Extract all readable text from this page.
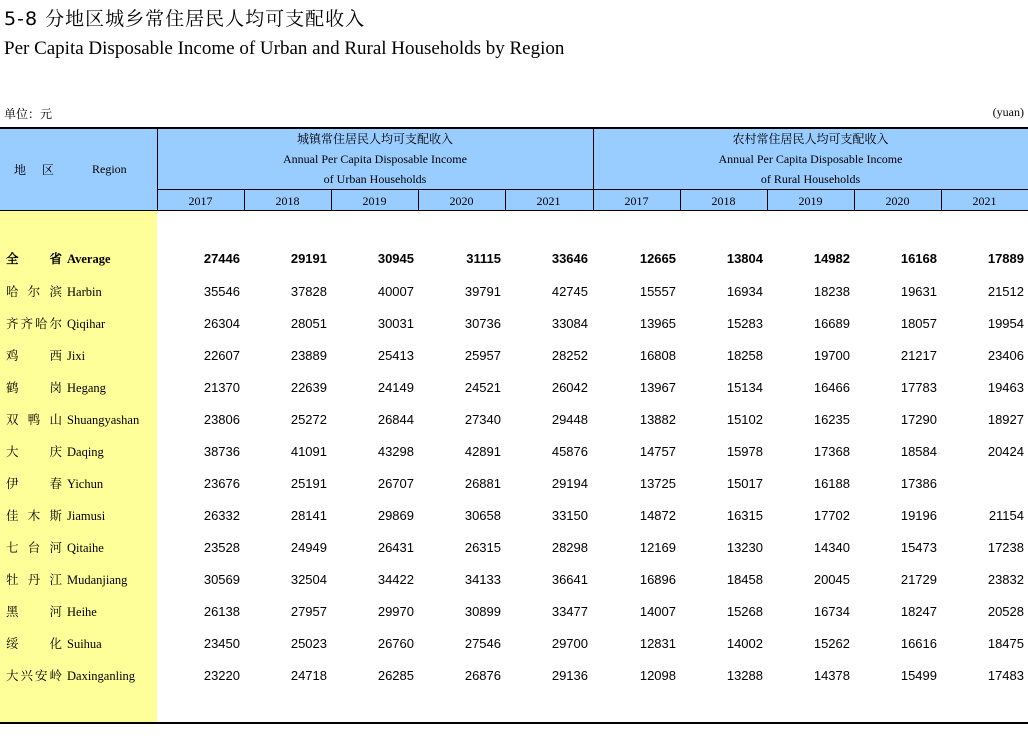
5-8 分地区城乡常住居民人均可支配收入
Per Capita Disposable Income of Urban and Rural Households by Region
单位：元	(yuan)
地 区	Region
城镇常住居民人均可支配收入
Annual Per Capita Disposable Income
of Urban Households
农村常住居民人均可支配收入
Annual Per Capita Disposable Income
of Rural Households
2017	2018	2019	2020	2021	2017	2018	2019	2020	2021
全 省 Average	27446	29191	30945	31115	33646	12665	13804	14982	16168	17889
哈尔滨 Harbin	35546	37828	40007	39791	42745	15557	16934	18238	19631	21512
齐齐哈尔 Qiqihar	26304	28051	30031	30736	33084	13965	15283	16689	18057	19954
鸡 西 Jixi	22607	23889	25413	25957	28252	16808	18258	19700	21217	23406
鹤 岗 Hegang	21370	22639	24149	24521	26042	13967	15134	16466	17783	19463
双鸭山 Shuangyashan	23806	25272	26844	27340	29448	13882	15102	16235	17290	18927
大 庆 Daqing	38736	41091	43298	42891	45876	14757	15978	17368	18584	20424
伊 春 Yichun	23676	25191	26707	26881	29194	13725	15017	16188	17386
佳木斯 Jiamusi	26332	28141	29869	30658	33150	14872	16315	17702	19196	21154
七台河 Qitaihe	23528	24949	26431	26315	28298	12169	13230	14340	15473	17238
牡丹江 Mudanjiang	30569	32504	34422	34133	36641	16896	18458	20045	21729	23832
黑 河 Heihe	26138	27957	29970	30899	33477	14007	15268	16734	18247	20528
绥 化 Suihua	23450	25023	26760	27546	29700	12831	14002	15262	16616	18475
大兴安岭 Daxinganling	23220	24718	26285	26876	29136	12098	13288	14378	15499	17483
